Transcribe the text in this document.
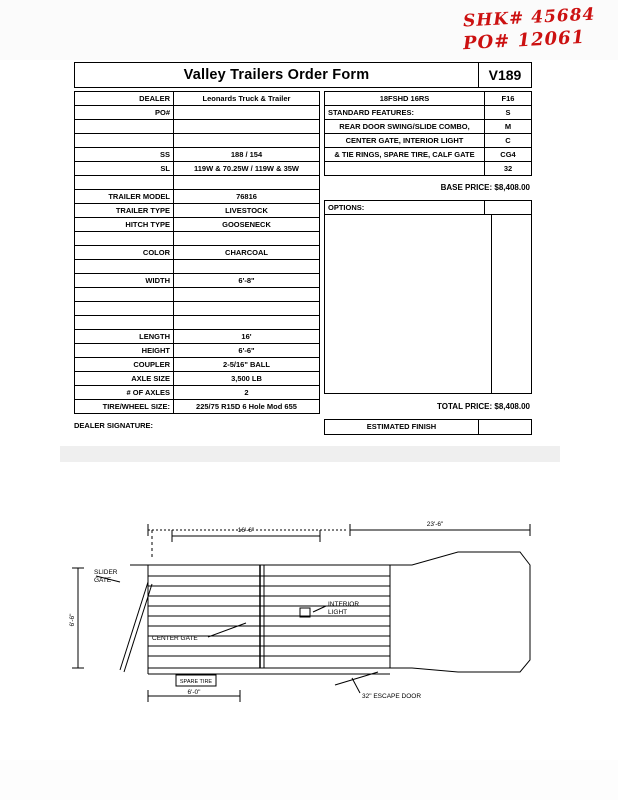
SHK# 45684
PO# 12061
Valley Trailers Order Form	V189
DEALER	Leonards Truck & Trailer
PO#	

SS	188 / 154
SL	119W & 70.25W / 119W & 35W

TRAILER MODEL	76816
TRAILER TYPE	LIVESTOCK
HITCH TYPE	GOOSENECK

COLOR	CHARCOAL

WIDTH	6'-8"

LENGTH	16'
HEIGHT	6'-6"
COUPLER	2-5/16" BALL
AXLE SIZE	3,500 LB
# OF AXLES	2
TIRE/WHEEL SIZE:	225/75 R15D 6 Hole Mod 655
18FSHD 16RS	F16
STANDARD FEATURES:	S
REAR DOOR SWING/SLIDE COMBO,	M
CENTER GATE, INTERIOR LIGHT	C
& TIE RINGS, SPARE TIRE, CALF GATE	CG4
	32
BASE PRICE: $8,408.00
OPTIONS:	
TOTAL PRICE: $8,408.00
DEALER SIGNATURE:	ESTIMATED FINISH
23'-6"
16'-6"
6'-0"
SLIDER
GATE
INTERIOR
LIGHT
CENTER GATE
SPARE TIRE
32" ESCAPE DOOR
6'-6"
